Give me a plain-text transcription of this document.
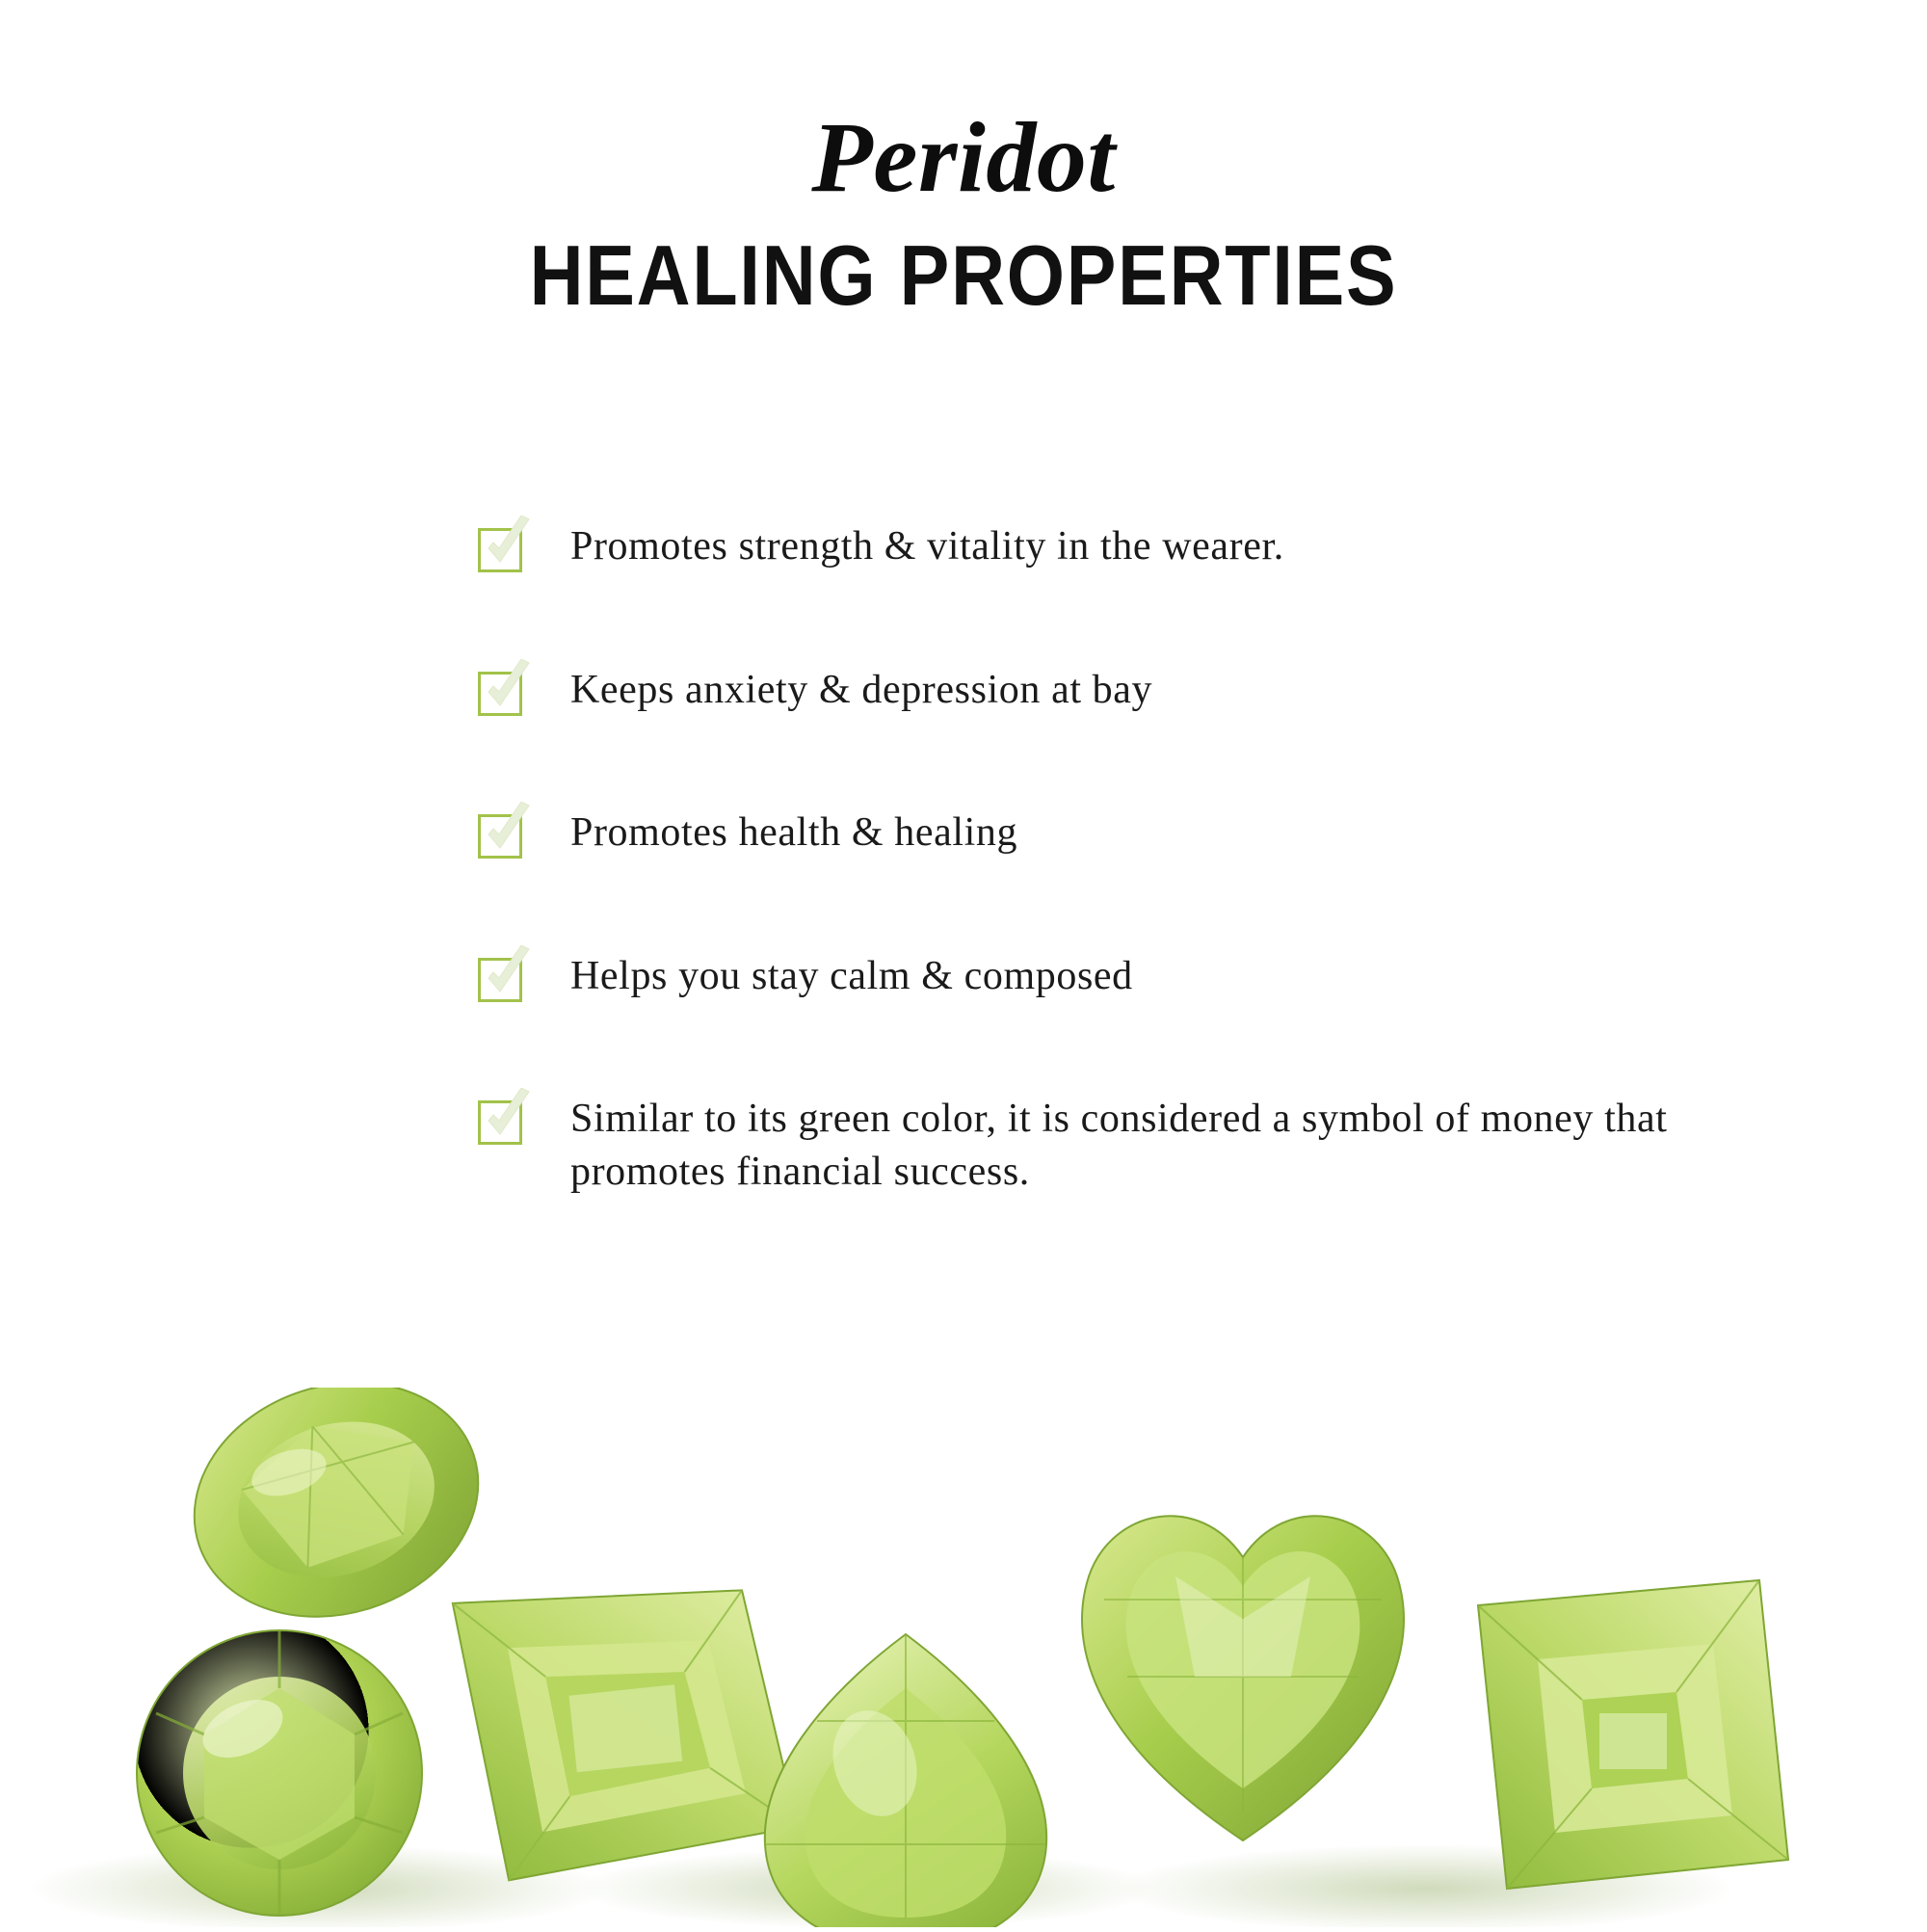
Peridot
HEALING PROPERTIES
Promotes strength & vitality in the wearer.
Keeps anxiety & depression at bay
Promotes health & healing
Helps you stay calm & composed
Similar to its green color, it is considered a symbol of money that promotes financial success.
